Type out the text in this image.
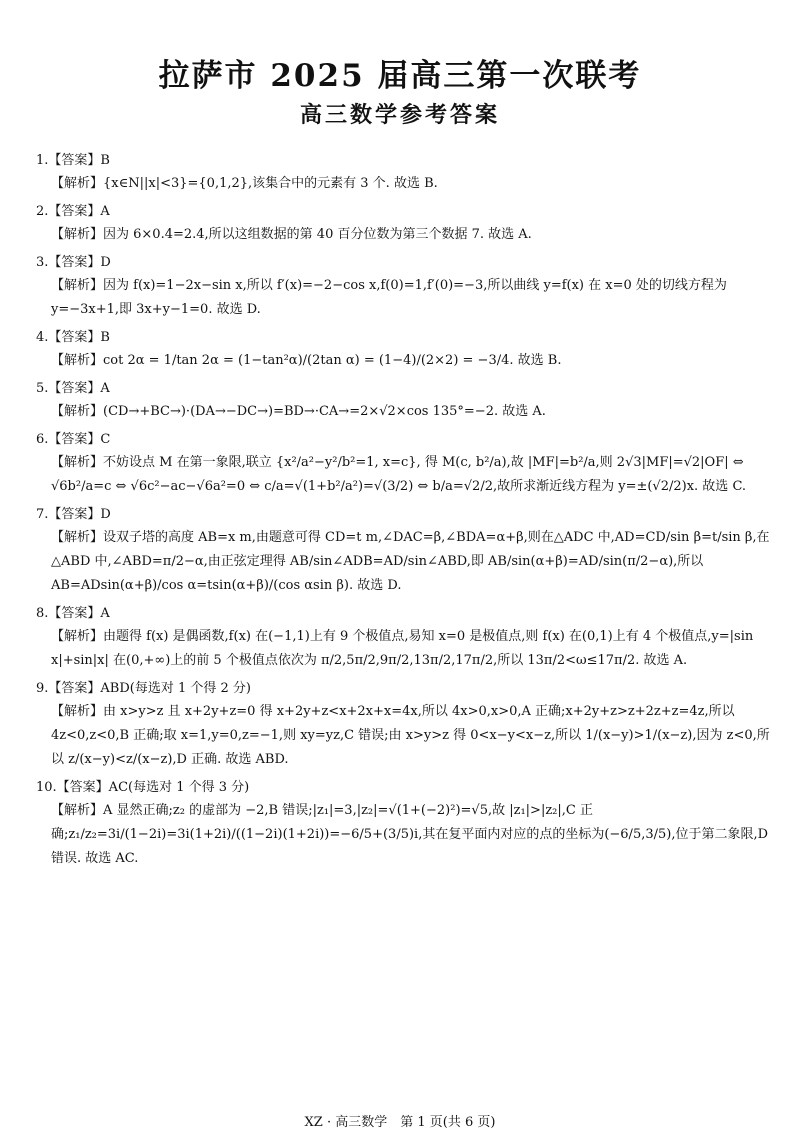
拉萨市 2025 届高三第一次联考
高三数学参考答案
1.【答案】B
【解析】{x∈N||x|<3}={0,1,2},该集合中的元素有 3 个. 故选 B.
2.【答案】A
【解析】因为 6×0.4=2.4,所以这组数据的第 40 百分位数为第三个数据 7. 故选 A.
3.【答案】D
【解析】因为 f(x)=1−2x−sin x,所以 f′(x)=−2−cos x,f(0)=1,f′(0)=−3,所以曲线 y=f(x) 在 x=0 处的切线方程为 y=−3x+1,即 3x+y−1=0. 故选 D.
4.【答案】B
【解析】cot 2α = 1/tan 2α = (1−tan²α)/(2tan α) = (1−4)/(2×2) = −3/4. 故选 B.
5.【答案】A
【解析】(CD→+BC→)·(DA→−DC→)=BD→·CA→=2×√2×cos 135°=−2. 故选 A.
6.【答案】C
【解析】不妨设点 M 在第一象限,联立 {x²/a²−y²/b²=1, x=c}, 得 M(c, b²/a),故 |MF|=b²/a,则 2√3|MF|=√2|OF| ⇔ √6b²/a=c ⇔ √6c²−ac−√6a²=0 ⇔ c/a=√(1+b²/a²)=√(3/2) ⇔ b/a=√2/2,故所求渐近线方程为 y=±(√2/2)x. 故选 C.
7.【答案】D
【解析】设双子塔的高度 AB=x m,由题意可得 CD=t m,∠DAC=β,∠BDA=α+β,则在△ADC 中,AD=CD/sin β=t/sin β,在△ABD 中,∠ABD=π/2−α,由正弦定理得 AB/sin∠ADB=AD/sin∠ABD,即 AB/sin(α+β)=AD/sin(π/2−α),所以 AB=ADsin(α+β)/cos α=tsin(α+β)/(cos αsin β). 故选 D.
8.【答案】A
【解析】由题得 f(x) 是偶函数,f(x) 在(−1,1)上有 9 个极值点,易知 x=0 是极值点,则 f(x) 在(0,1)上有 4 个极值点,y=|sin x|+sin|x| 在(0,+∞)上的前 5 个极值点依次为 π/2,5π/2,9π/2,13π/2,17π/2,所以 13π/2<ω≤17π/2. 故选 A.
9.【答案】ABD(每选对 1 个得 2 分)
【解析】由 x>y>z 且 x+2y+z=0 得 x+2y+z<x+2x+x=4x,所以 4x>0,x>0,A 正确;x+2y+z>z+2z+z=4z,所以 4z<0,z<0,B 正确;取 x=1,y=0,z=−1,则 xy=yz,C 错误;由 x>y>z 得 0<x−y<x−z,所以 1/(x−y)>1/(x−z),因为 z<0,所以 z/(x−y)<z/(x−z),D 正确. 故选 ABD.
10.【答案】AC(每选对 1 个得 3 分)
【解析】A 显然正确;z₂ 的虚部为 −2,B 错误;|z₁|=3,|z₂|=√(1+(−2)²)=√5,故 |z₁|>|z₂|,C 正确;z₁/z₂=3i/(1−2i)=3i(1+2i)/((1−2i)(1+2i))=−6/5+(3/5)i,其在复平面内对应的点的坐标为(−6/5,3/5),位于第二象限,D 错误. 故选 AC.
XZ · 高三数学　第 1 页(共 6 页)
